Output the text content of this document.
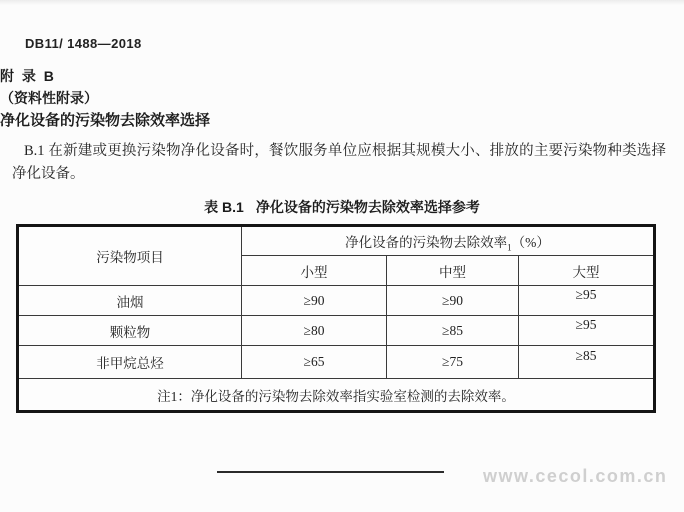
DB11/ 1488—2018
附 录 B
（资料性附录）
净化设备的污染物去除效率选择
B.1 在新建或更换污染物净化设备时，餐饮服务单位应根据其规模大小、排放的主要污染物种类选择净化设备。
表 B.1 净化设备的污染物去除效率选择参考
污染物项目	净化设备的污染物去除效率$_1$（%）		
	小型	中型	大型
油烟	≥90	≥90	≥95
颗粒物	≥80	≥85	≥95
非甲烷总烃	≥65	≥75	≥85
注1：净化设备的污染物去除效率指实验室检测的去除效率。			
www.cecol.com.cn
